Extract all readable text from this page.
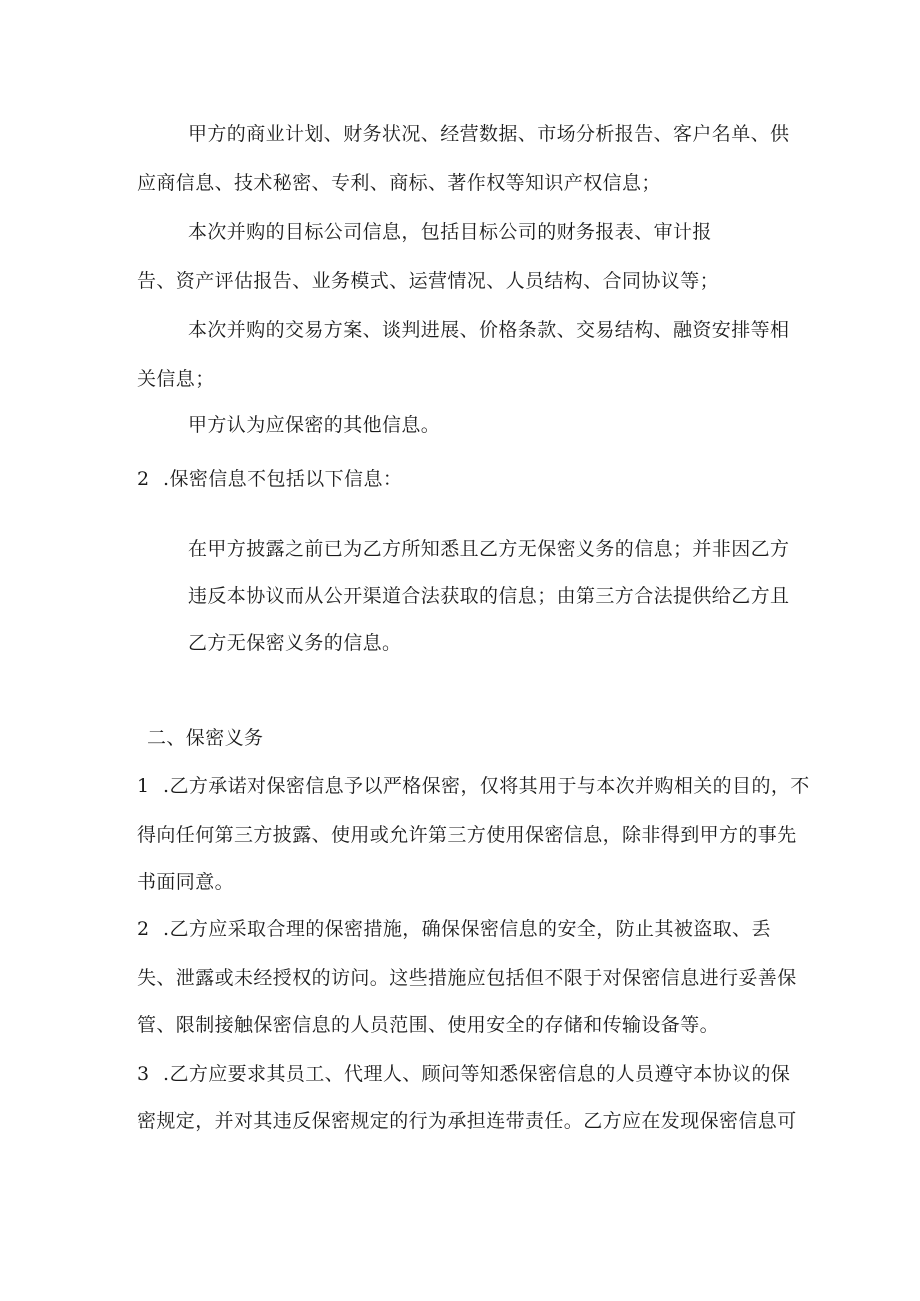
甲方的商业计划、财务状况、经营数据、市场分析报告、客户名单、供
应商信息、技术秘密、专利、商标、著作权等知识产权信息；
本次并购的目标公司信息，包括目标公司的财务报表、审计报
告、资产评估报告、业务模式、运营情况、人员结构、合同协议等；
本次并购的交易方案、谈判进展、价格条款、交易结构、融资安排等相
关信息；
甲方认为应保密的其他信息。
2 .保密信息不包括以下信息：
在甲方披露之前已为乙方所知悉且乙方无保密义务的信息；并非因乙方
违反本协议而从公开渠道合法获取的信息；由第三方合法提供给乙方且
乙方无保密义务的信息。
二、保密义务
1 .乙方承诺对保密信息予以严格保密，仅将其用于与本次并购相关的目的，不
得向任何第三方披露、使用或允许第三方使用保密信息，除非得到甲方的事先
书面同意。
2 .乙方应采取合理的保密措施，确保保密信息的安全，防止其被盗取、丢
失、泄露或未经授权的访问。这些措施应包括但不限于对保密信息进行妥善保
管、限制接触保密信息的人员范围、使用安全的存储和传输设备等。
3 .乙方应要求其员工、代理人、顾问等知悉保密信息的人员遵守本协议的保
密规定，并对其违反保密规定的行为承担连带责任。乙方应在发现保密信息可
